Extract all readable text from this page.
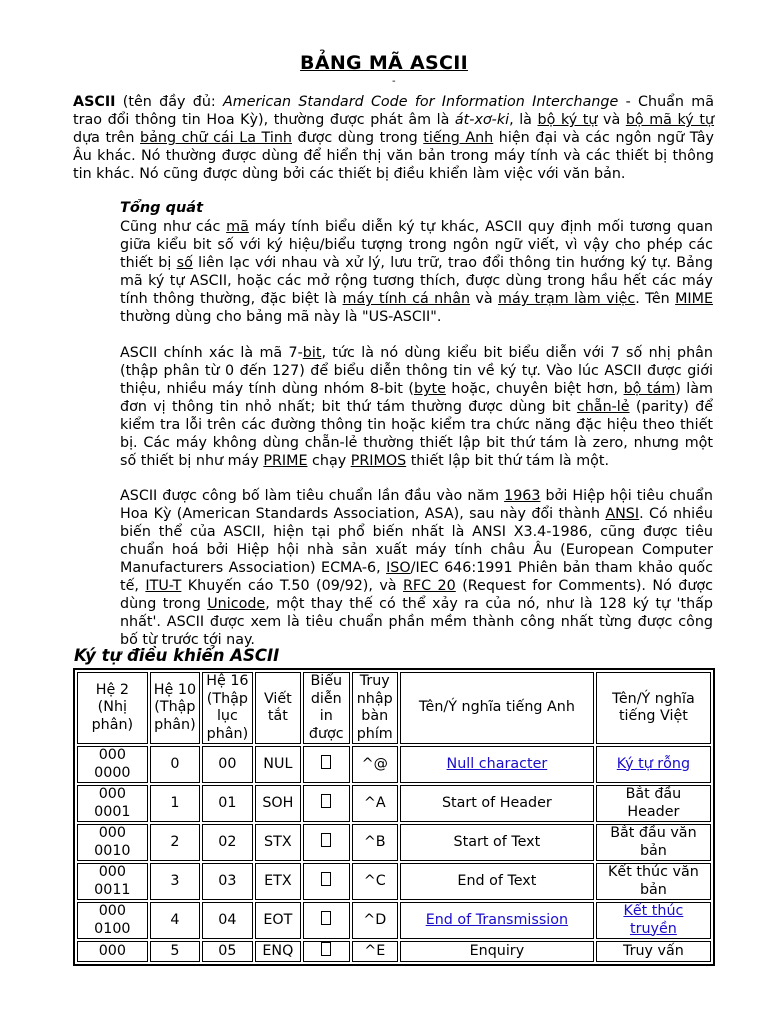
BẢNG MÃ ASCII
-
ASCII (tên đầy đủ: American Standard Code for Information Interchange - Chuẩn mã trao đổi thông tin Hoa Kỳ), thường được phát âm là át-xơ-ki, là bộ ký tự và bộ mã ký tự dựa trên bảng chữ cái La Tinh được dùng trong tiếng Anh hiện đại và các ngôn ngữ Tây Âu khác. Nó thường được dùng để hiển thị văn bản trong máy tính và các thiết bị thông tin khác. Nó cũng được dùng bởi các thiết bị điều khiển làm việc với văn bản.
Tổng quát
Cũng như các mã máy tính biểu diễn ký tự khác, ASCII quy định mối tương quan giữa kiểu bit số với ký hiệu/biểu tượng trong ngôn ngữ viết, vì vậy cho phép các thiết bị số liên lạc với nhau và xử lý, lưu trữ, trao đổi thông tin hướng ký tự. Bảng mã ký tự ASCII, hoặc các mở rộng tương thích, được dùng trong hầu hết các máy tính thông thường, đặc biệt là máy tính cá nhân và máy trạm làm việc. Tên MIME thường dùng cho bảng mã này là "US-ASCII".
ASCII chính xác là mã 7-bit, tức là nó dùng kiểu bit biểu diễn với 7 số nhị phân (thập phân từ 0 đến 127) để biểu diễn thông tin về ký tự. Vào lúc ASCII được giới thiệu, nhiều máy tính dùng nhóm 8-bit (byte hoặc, chuyên biệt hơn, bộ tám) làm đơn vị thông tin nhỏ nhất; bit thứ tám thường được dùng bit chẵn-lẻ (parity) để kiểm tra lỗi trên các đường thông tin hoặc kiểm tra chức năng đặc hiệu theo thiết bị. Các máy không dùng chẵn-lẻ thường thiết lập bit thứ tám là zero, nhưng một số thiết bị như máy PRIME chạy PRIMOS thiết lập bit thứ tám là một.
ASCII được công bố làm tiêu chuẩn lần đầu vào năm 1963 bởi Hiệp hội tiêu chuẩn Hoa Kỳ (American Standards Association, ASA), sau này đổi thành ANSI. Có nhiều biến thể của ASCII, hiện tại phổ biến nhất là ANSI X3.4-1986, cũng được tiêu chuẩn hoá bởi Hiệp hội nhà sản xuất máy tính châu Âu (European Computer Manufacturers Association) ECMA-6, ISO/IEC 646:1991 Phiên bản tham khảo quốc tế, ITU-T Khuyến cáo T.50 (09/92), và RFC 20 (Request for Comments). Nó được dùng trong Unicode, một thay thế có thể xảy ra của nó, như là 128 ký tự 'thấp nhất'. ASCII được xem là tiêu chuẩn phần mềm thành công nhất từng được công bố từ trước tới nay.
Ký tự điều khiển ASCII
Hệ 2 (Nhị phân)	Hệ 10 (Thập phân)	Hệ 16 (Thập lục phân)	Viết tắt	Biểu diễn in được	Truy nhập bàn phím	Tên/Ý nghĩa tiếng Anh	Tên/Ý nghĩa tiếng Việt
000 0000	0	00	NUL		^@	Null character	Ký tự rỗng
000 0001	1	01	SOH		^A	Start of Header	Bắt đầu Header
000 0010	2	02	STX		^B	Start of Text	Bắt đầu văn bản
000 0011	3	03	ETX		^C	End of Text	Kết thúc văn bản
000 0100	4	04	EOT		^D	End of Transmission	Kết thúc truyền
000	5	05	ENQ		^E	Enquiry	Truy vấn
